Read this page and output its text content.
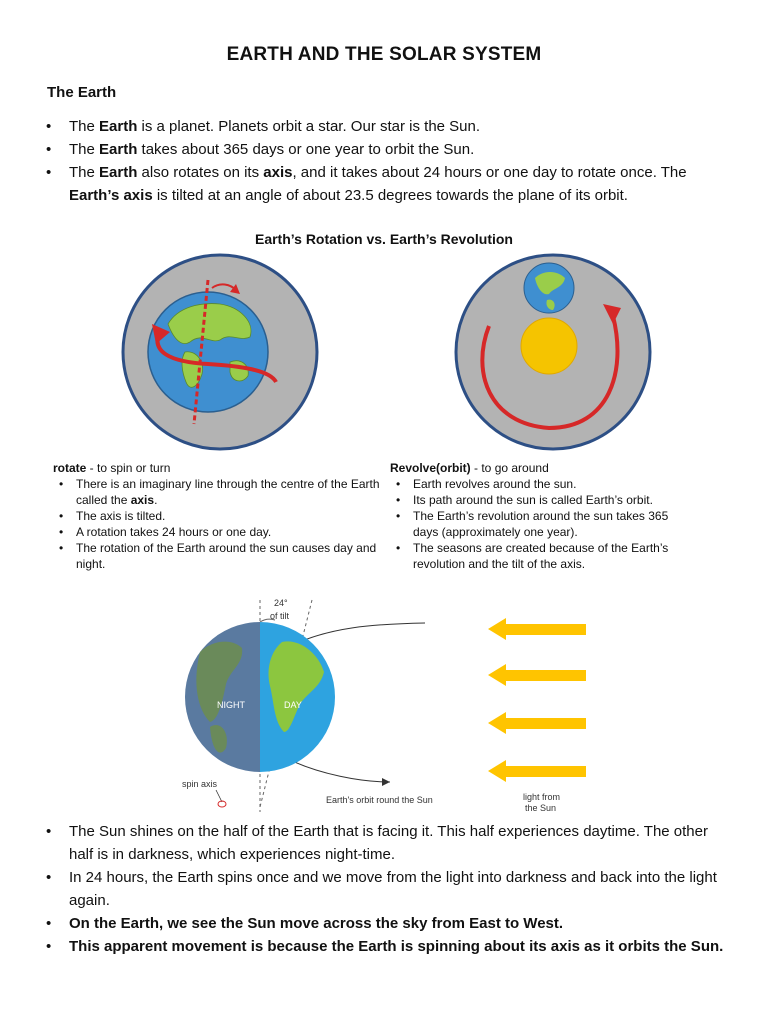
EARTH AND THE SOLAR SYSTEM
The Earth
• The Earth is a planet. Planets orbit a star. Our star is the Sun.
• The Earth takes about 365 days or one year to orbit the Sun.
• The Earth also rotates on its axis, and it takes about 24 hours or one day to rotate once. The Earth’s axis is tilted at an angle of about 23.5 degrees towards the plane of its orbit.
Earth’s Rotation vs. Earth’s Revolution
rotate - to spin or turn
• There is an imaginary line through the centre of the Earth called the axis.
• The axis is tilted.
• A rotation takes 24 hours or one day.
• The rotation of the Earth around the sun causes day and night.
Revolve(orbit) - to go around
• Earth revolves around the sun.
• Its path around the sun is called Earth’s orbit.
• The Earth’s revolution around the sun takes 365 days (approximately one year).
• The seasons are created because of the Earth’s revolution and the tilt of the axis.
24°
of tilt
NIGHT	DAY
spin axis
Earth's orbit round the Sun	light from
the Sun
• The Sun shines on the half of the Earth that is facing it. This half experiences daytime. The other half is in darkness, which experiences night-time.
• In 24 hours, the Earth spins once and we move from the light into darkness and back into the light again.
• On the Earth, we see the Sun move across the sky from East to West.
• This apparent movement is because the Earth is spinning about its axis as it orbits the Sun.
